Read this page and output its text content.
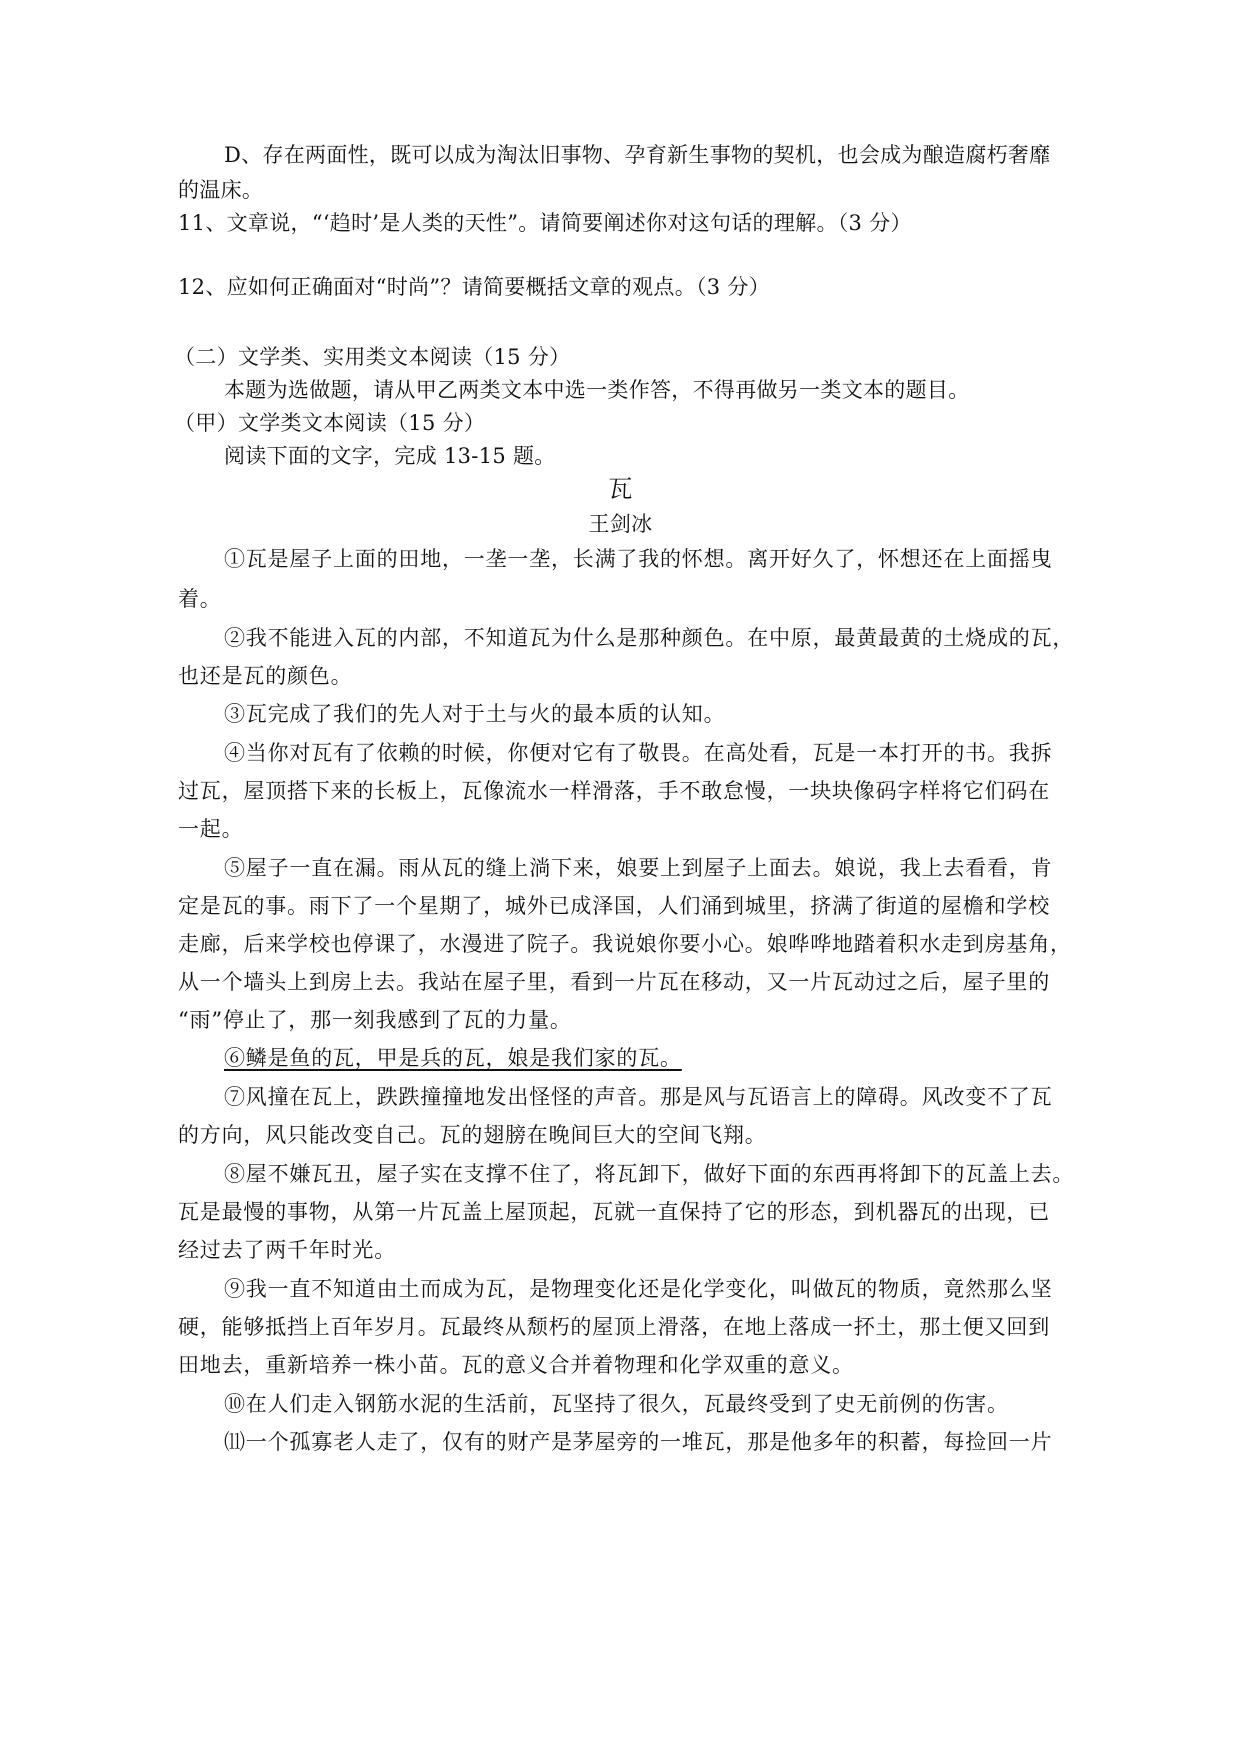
D、存在两面性，既可以成为淘汰旧事物、孕育新生事物的契机，也会成为酿造腐朽奢靡
的温床。
11、文章说，“‘趋时’是人类的天性”。请简要阐述你对这句话的理解。（3 分）
12、应如何正确面对“时尚”？请简要概括文章的观点。（3 分）
（二）文学类、实用类文本阅读（15 分）
本题为选做题，请从甲乙两类文本中选一类作答，不得再做另一类文本的题目。
（甲）文学类文本阅读（15 分）
阅读下面的文字，完成 13-15 题。
瓦
王剑冰
①瓦是屋子上面的田地，一垄一垄，长满了我的怀想。离开好久了，怀想还在上面摇曳
着。
②我不能进入瓦的内部，不知道瓦为什么是那种颜色。在中原，最黄最黄的土烧成的瓦，
也还是瓦的颜色。
③瓦完成了我们的先人对于土与火的最本质的认知。
④当你对瓦有了依赖的时候，你便对它有了敬畏。在高处看，瓦是一本打开的书。我拆
过瓦，屋顶搭下来的长板上，瓦像流水一样滑落，手不敢怠慢，一块块像码字样将它们码在
一起。
⑤屋子一直在漏。雨从瓦的缝上淌下来，娘要上到屋子上面去。娘说，我上去看看，肯
定是瓦的事。雨下了一个星期了，城外已成泽国，人们涌到城里，挤满了街道的屋檐和学校
走廊，后来学校也停课了，水漫进了院子。我说娘你要小心。娘哗哗地踏着积水走到房基角，
从一个墙头上到房上去。我站在屋子里，看到一片瓦在移动，又一片瓦动过之后，屋子里的
“雨”停止了，那一刻我感到了瓦的力量。
⑥鳞是鱼的瓦，甲是兵的瓦，娘是我们家的瓦。
⑦风撞在瓦上，跌跌撞撞地发出怪怪的声音。那是风与瓦语言上的障碍。风改变不了瓦
的方向，风只能改变自己。瓦的翅膀在晚间巨大的空间飞翔。
⑧屋不嫌瓦丑，屋子实在支撑不住了，将瓦卸下，做好下面的东西再将卸下的瓦盖上去。
瓦是最慢的事物，从第一片瓦盖上屋顶起，瓦就一直保持了它的形态，到机器瓦的出现，已
经过去了两千年时光。
⑨我一直不知道由土而成为瓦，是物理变化还是化学变化，叫做瓦的物质，竟然那么坚
硬，能够抵挡上百年岁月。瓦最终从颓朽的屋顶上滑落，在地上落成一抔土，那土便又回到
田地去，重新培养一株小苗。瓦的意义合并着物理和化学双重的意义。
⑩在人们走入钢筋水泥的生活前，瓦坚持了很久，瓦最终受到了史无前例的伤害。
⑾一个孤寡老人走了，仅有的财产是茅屋旁的一堆瓦，那是他多年的积蓄，每捡回一片
